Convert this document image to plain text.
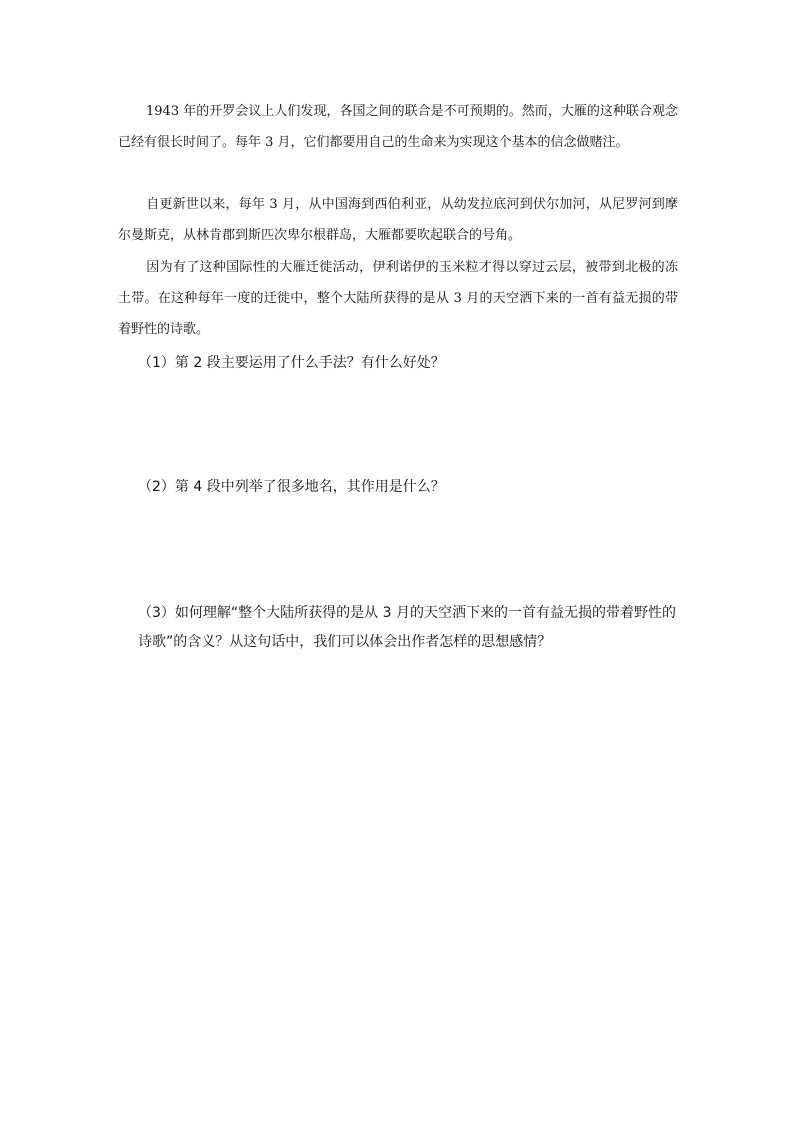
1943 年的开罗会议上人们发现，各国之间的联合是不可预期的。然而，大雁的这种联合观念已经有很长时间了。每年 3 月，它们都要用自己的生命来为实现这个基本的信念做赌注。

自更新世以来，每年 3 月，从中国海到西伯利亚，从幼发拉底河到伏尔加河，从尼罗河到摩尔曼斯克，从林肯郡到斯匹次卑尔根群岛，大雁都要吹起联合的号角。

因为有了这种国际性的大雁迁徙活动，伊利诺伊的玉米粒才得以穿过云层，被带到北极的冻土带。在这种每年一度的迁徙中，整个大陆所获得的是从 3 月的天空洒下来的一首有益无损的带着野性的诗歌。

（1）第 2 段主要运用了什么手法？有什么好处？

（2）第 4 段中列举了很多地名，其作用是什么？

（3）如何理解“整个大陆所获得的是从 3 月的天空洒下来的一首有益无损的带着野性的诗歌”的含义？从这句话中，我们可以体会出作者怎样的思想感情？
